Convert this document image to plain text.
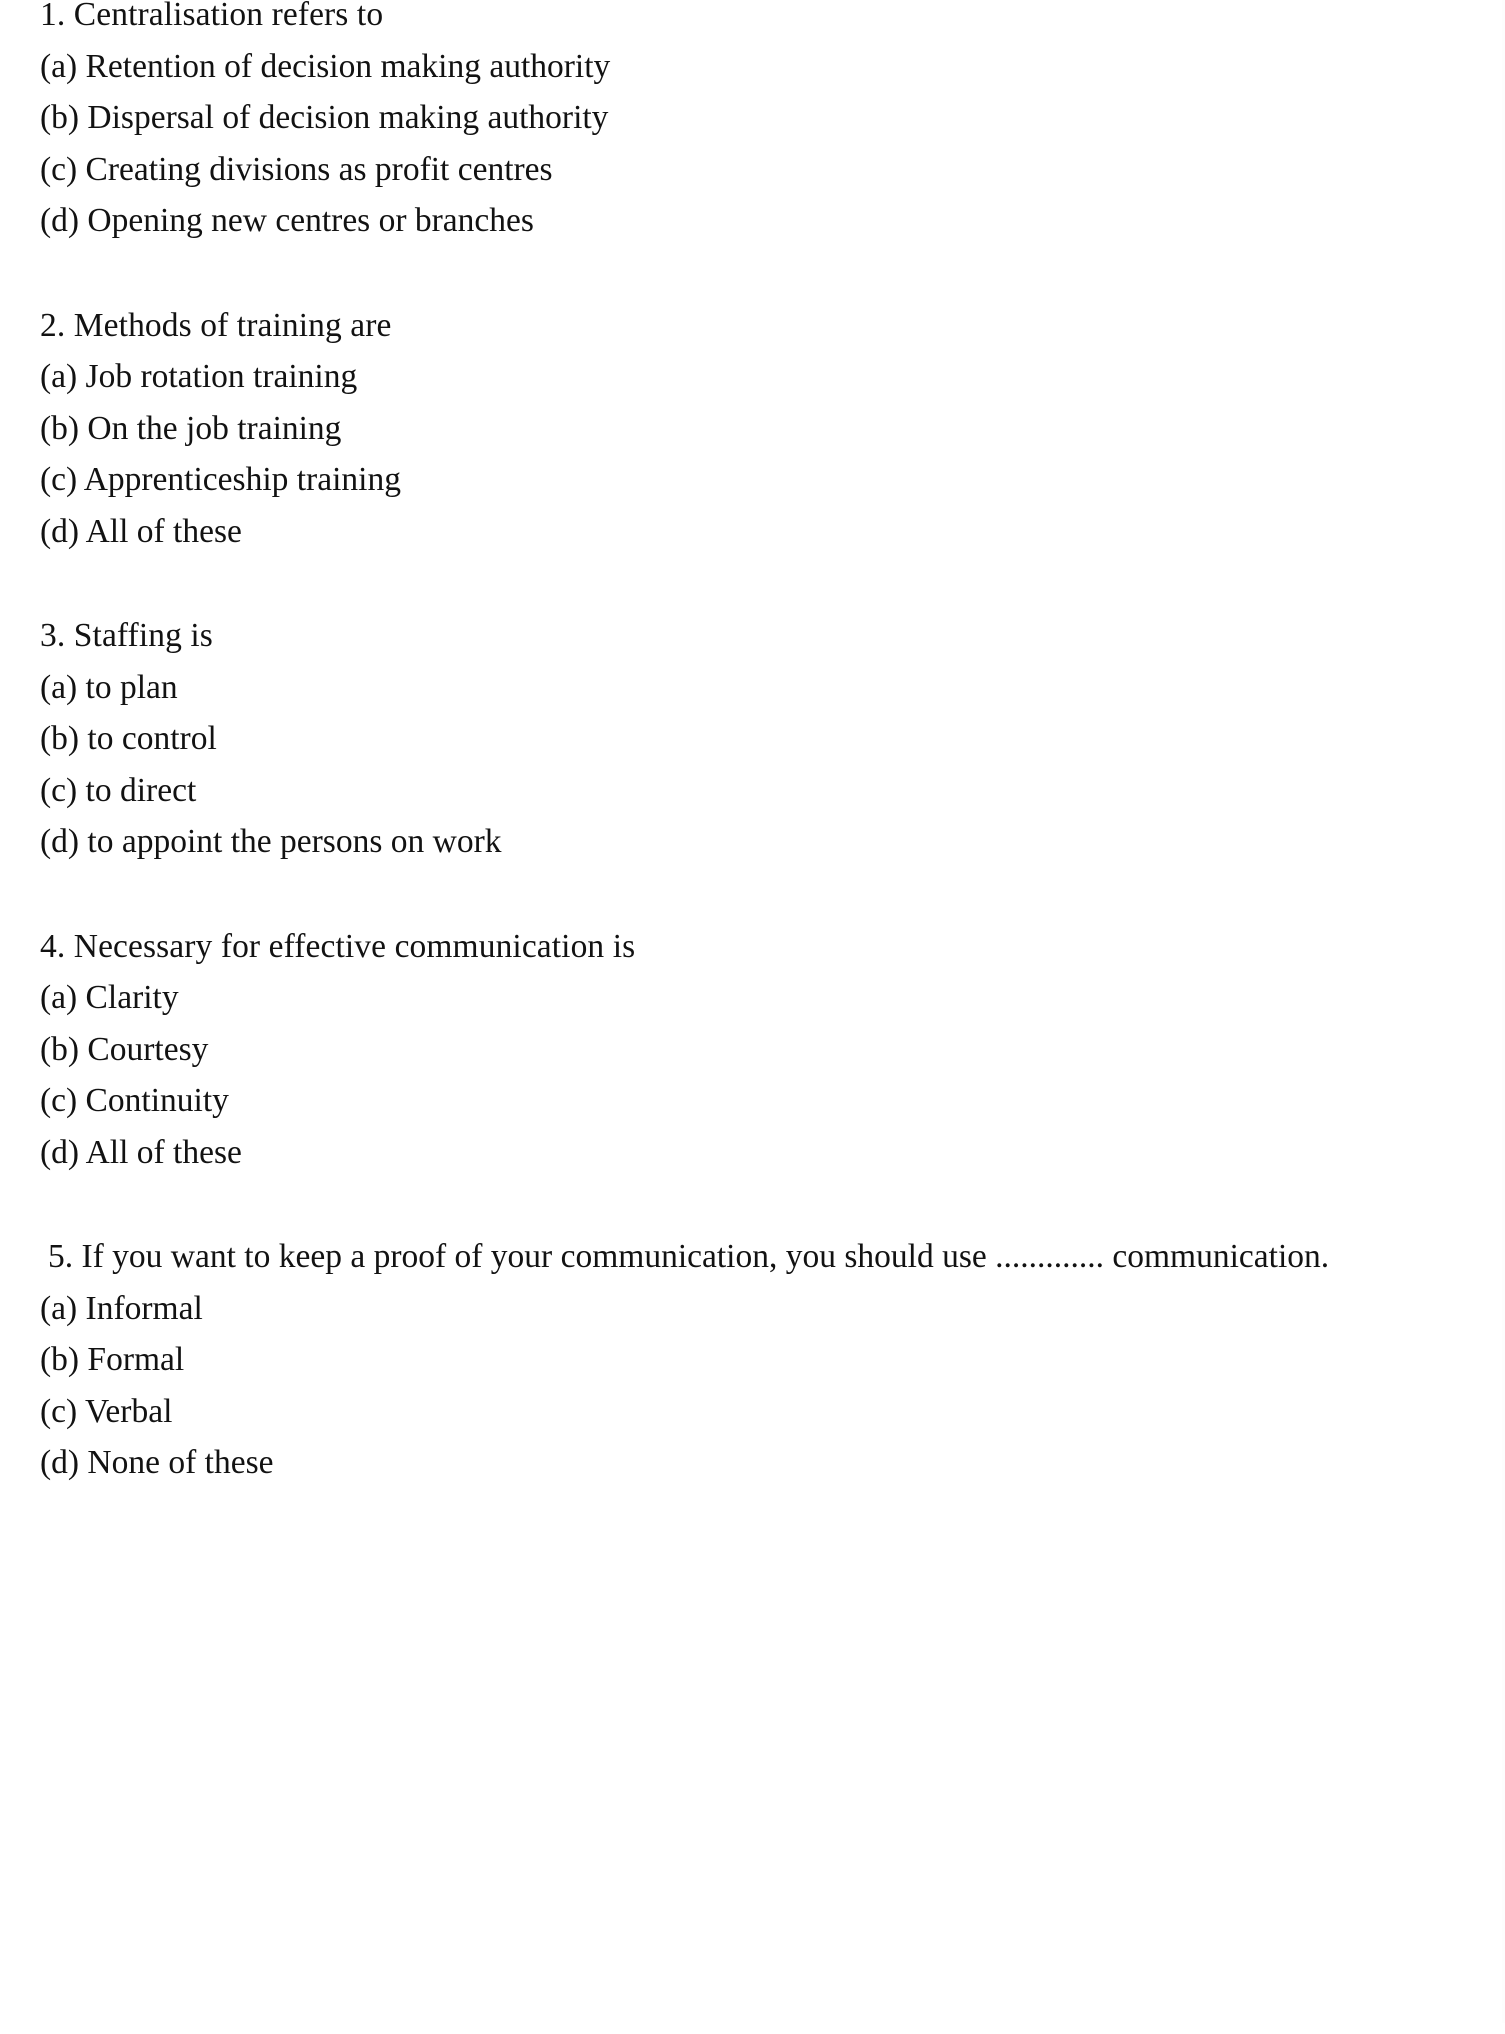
1. Centralisation refers to
(a) Retention of decision making authority
(b) Dispersal of decision making authority
(c) Creating divisions as profit centres
(d) Opening new centres or branches
2. Methods of training are
(a) Job rotation training
(b) On the job training
(c) Apprenticeship training
(d) All of these
3. Staffing is
(a) to plan
(b) to control
(c) to direct
(d) to appoint the persons on work
4. Necessary for effective communication is
(a) Clarity
(b) Courtesy
(c) Continuity
(d) All of these
5. If you want to keep a proof of your communication, you should use ............. communication.
(a) Informal
(b) Formal
(c) Verbal
(d) None of these
